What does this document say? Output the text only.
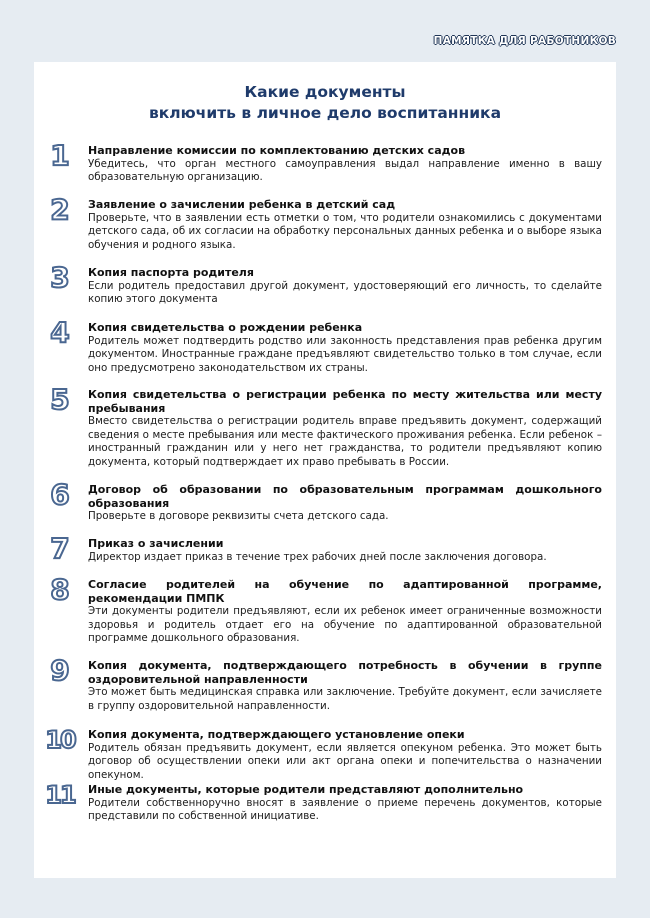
ПАМЯТКА ДЛЯ РАБОТНИКОВ
Какие документы
включить в личное дело воспитанника
1	Направление комиссии по комплектованию детских садов
Убедитесь, что орган местного самоуправления выдал направление именно в вашу образовательную организацию.
2	Заявление о зачислении ребенка в детский сад
Проверьте, что в заявлении есть отметки о том, что родители ознакомились с документами детского сада, об их согласии на обработку персональных данных ребенка и о выборе языка обучения и родного языка.
3	Копия паспорта родителя
Если родитель предоставил другой документ, удостоверяющий его личность, то сделайте копию этого документа
4	Копия свидетельства о рождении ребенка
Родитель может подтвердить родство или законность представления прав ребенка другим документом. Иностранные граждане предъявляют свидетельство только в том случае, если оно предусмотрено законодательством их страны.
5	Копия свидетельства о регистрации ребенка по месту жительства или месту пребывания
Вместо свидетельства о регистрации родитель вправе предъявить документ, содержащий сведения о месте пребывания или месте фактического проживания ребенка. Если ребенок – иностранный гражданин или у него нет гражданства, то родители предъявляют копию документа, который подтверждает их право пребывать в России.
6	Договор об образовании по образовательным программам дошкольного образования
Проверьте в договоре реквизиты счета детского сада.
7	Приказ о зачислении
Директор издает приказ в течение трех рабочих дней после заключения договора.
8	Согласие родителей на обучение по адаптированной программе, рекомендации ПМПК
Эти документы родители предъявляют, если их ребенок имеет ограниченные возможности здоровья и родитель отдает его на обучение по адаптированной образовательной программе дошкольного образования.
9	Копия документа, подтверждающего потребность в обучении в группе оздоровительной направленности
Это может быть медицинская справка или заключение. Требуйте документ, если зачисляете в группу оздоровительной направленности.
10	Копия документа, подтверждающего установление опеки
Родитель обязан предъявить документ, если является опекуном ребенка. Это может быть договор об осуществлении опеки или акт органа опеки и попечительства о назначении опекуном.
11	Иные документы, которые родители представляют дополнительно
Родители собственноручно вносят в заявление о приеме перечень документов, которые представили по собственной инициативе.
